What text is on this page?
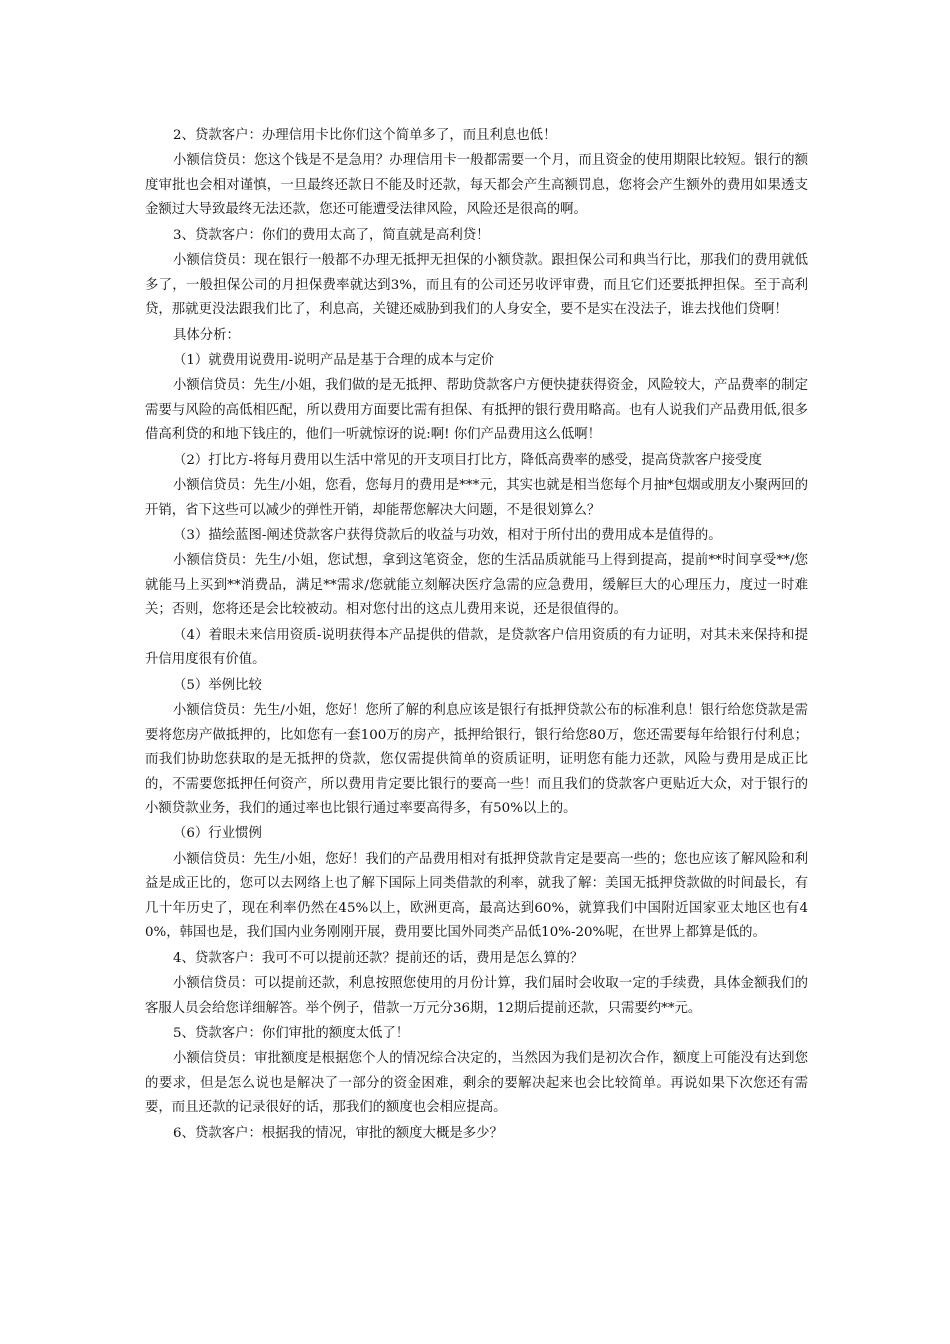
2、贷款客户：办理信用卡比你们这个简单多了，而且利息也低！

小额信贷员：您这个钱是不是急用？办理信用卡一般都需要一个月，而且资金的使用期限比较短。银行的额度审批也会相对谨慎，一旦最终还款日不能及时还款，每天都会产生高额罚息，您将会产生额外的费用如果透支金额过大导致最终无法还款，您还可能遭受法律风险，风险还是很高的啊。

3、贷款客户：你们的费用太高了，简直就是高利贷！

小额信贷员：现在银行一般都不办理无抵押无担保的小额贷款。跟担保公司和典当行比，那我们的费用就低多了，一般担保公司的月担保费率就达到3%，而且有的公司还另收评审费，而且它们还要抵押担保。至于高利贷，那就更没法跟我们比了，利息高，关键还威胁到我们的人身安全，要不是实在没法子，谁去找他们贷啊！

具体分析：

（1）就费用说费用-说明产品是基于合理的成本与定价

小额信贷员：先生/小姐，我们做的是无抵押、帮助贷款客户方便快捷获得资金，风险较大，产品费率的制定需要与风险的高低相匹配，所以费用方面要比需有担保、有抵押的银行费用略高。也有人说我们产品费用低,很多借高利贷的和地下钱庄的，他们一听就惊讶的说:啊! 你们产品费用这么低啊！

（2）打比方-将每月费用以生活中常见的开支项目打比方，降低高费率的感受，提高贷款客户接受度

小额信贷员：先生/小姐，您看，您每月的费用是***元，其实也就是相当您每个月抽*包烟或朋友小聚两回的开销，省下这些可以减少的弹性开销，却能帮您解决大问题，不是很划算么？

（3）描绘蓝图-阐述贷款客户获得贷款后的收益与功效，相对于所付出的费用成本是值得的。

小额信贷员：先生/小姐，您试想，拿到这笔资金，您的生活品质就能马上得到提高，提前**时间享受**/您就能马上买到**消费品，满足**需求/您就能立刻解决医疗急需的应急费用，缓解巨大的心理压力，度过一时难关；否则，您将还是会比较被动。相对您付出的这点儿费用来说，还是很值得的。

（4）着眼未来信用资质-说明获得本产品提供的借款，是贷款客户信用资质的有力证明，对其未来保持和提升信用度很有价值。

（5）举例比较

小额信贷员：先生/小姐，您好！您所了解的利息应该是银行有抵押贷款公布的标准利息！银行给您贷款是需要将您房产做抵押的，比如您有一套100万的房产，抵押给银行，银行给您80万，您还需要每年给银行付利息；而我们协助您获取的是无抵押的贷款，您仅需提供简单的资质证明，证明您有能力还款，风险与费用是成正比的，不需要您抵押任何资产，所以费用肯定要比银行的要高一些！而且我们的贷款客户更贴近大众，对于银行的小额贷款业务，我们的通过率也比银行通过率要高得多，有50%以上的。

（6）行业惯例

小额信贷员：先生/小姐，您好！我们的产品费用相对有抵押贷款肯定是要高一些的；您也应该了解风险和利益是成正比的，您可以去网络上也了解下国际上同类借款的利率，就我了解：美国无抵押贷款做的时间最长，有几十年历史了，现在利率仍然在45%以上，欧洲更高，最高达到60%，就算我们中国附近国家亚太地区也有40%，韩国也是，我们国内业务刚刚开展，费用要比国外同类产品低10%-20%呢，在世界上都算是低的。

4、贷款客户：我可不可以提前还款？提前还的话，费用是怎么算的？

小额信贷员：可以提前还款，利息按照您使用的月份计算，我们届时会收取一定的手续费，具体金额我们的客服人员会给您详细解答。举个例子，借款一万元分36期，12期后提前还款，只需要约**元。

5、贷款客户：你们审批的额度太低了！

小额信贷员：审批额度是根据您个人的情况综合决定的，当然因为我们是初次合作，额度上可能没有达到您的要求，但是怎么说也是解决了一部分的资金困难，剩余的要解决起来也会比较简单。再说如果下次您还有需要，而且还款的记录很好的话，那我们的额度也会相应提高。

6、贷款客户：根据我的情况，审批的额度大概是多少？
